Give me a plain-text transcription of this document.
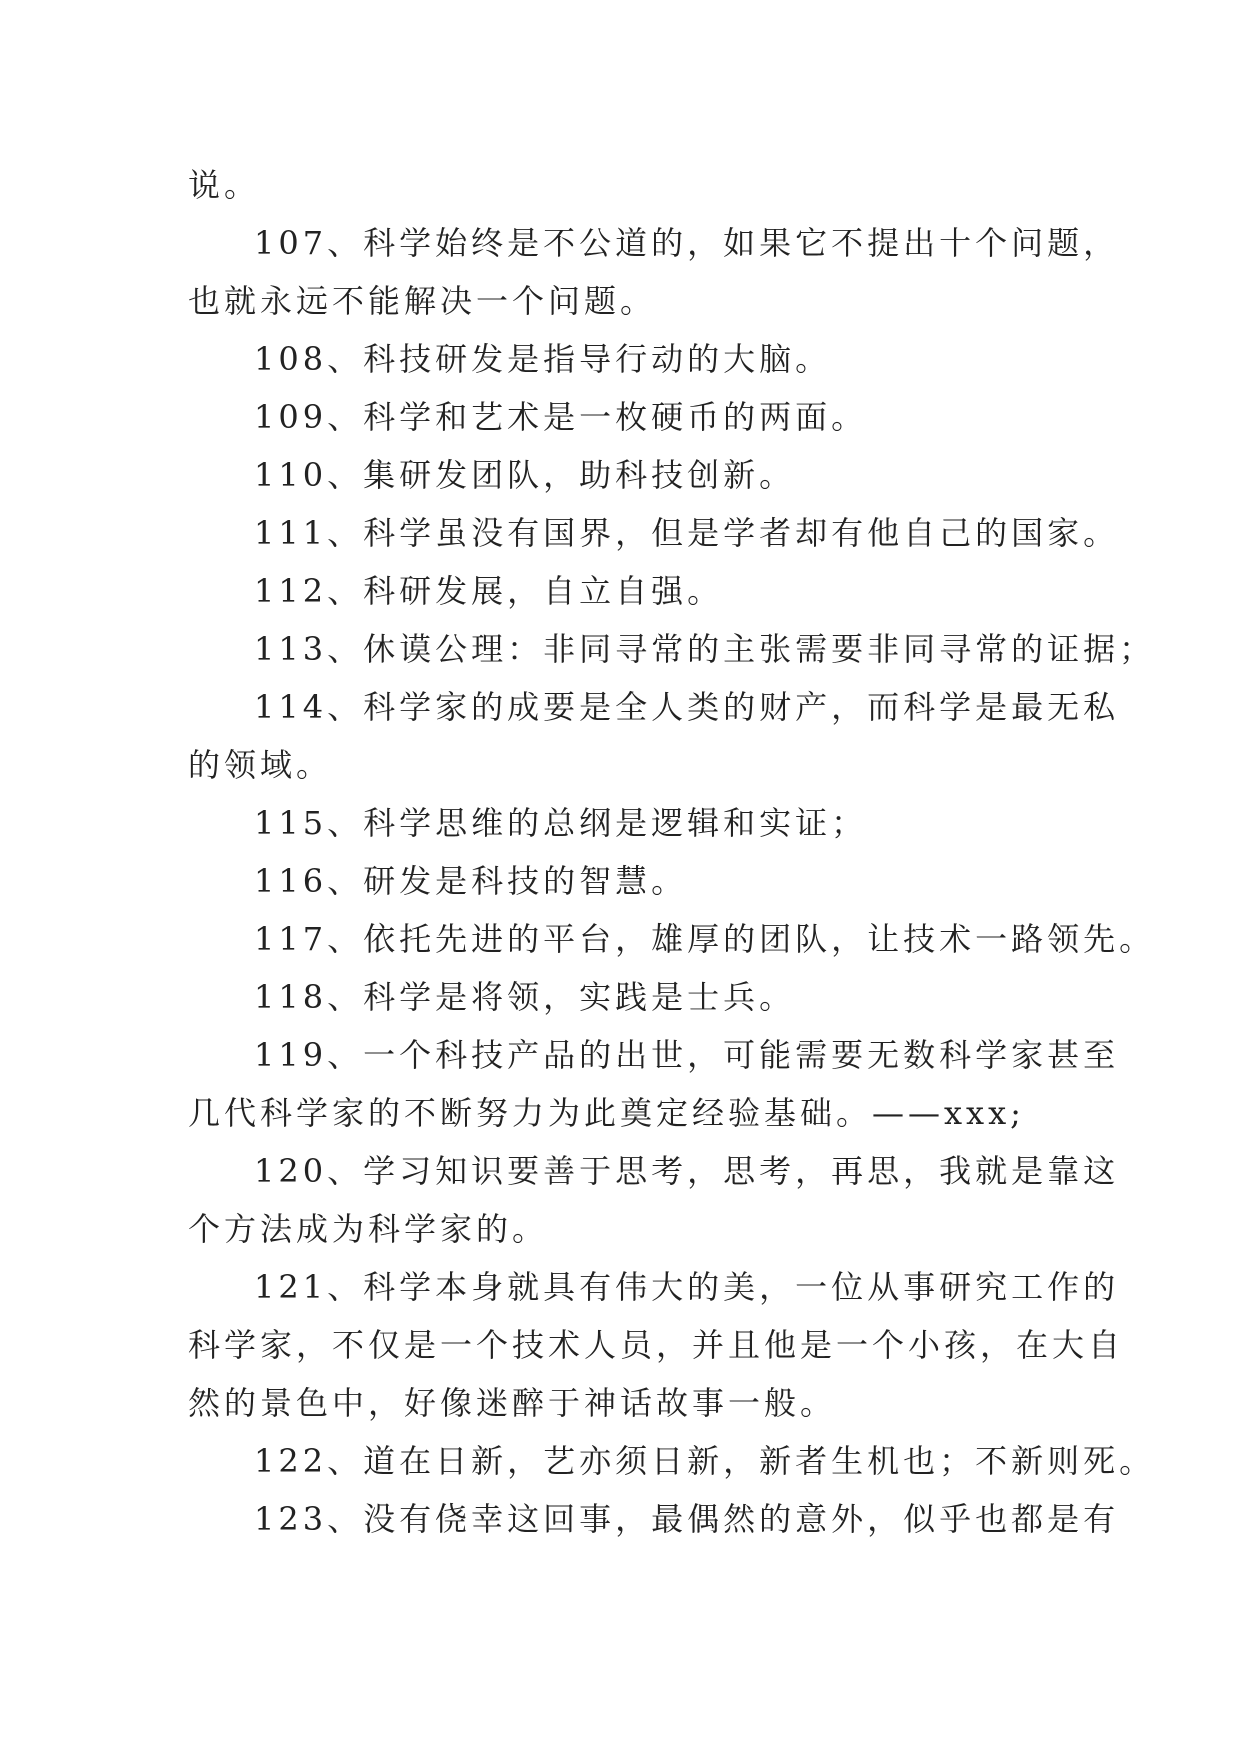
说。
107、科学始终是不公道的，如果它不提出十个问题，
也就永远不能解决一个问题。
108、科技研发是指导行动的大脑。
109、科学和艺术是一枚硬币的两面。
110、集研发团队，助科技创新。
111、科学虽没有国界，但是学者却有他自己的国家。
112、科研发展，自立自强。
113、休谟公理：非同寻常的主张需要非同寻常的证据；
114、科学家的成要是全人类的财产，而科学是最无私
的领域。
115、科学思维的总纲是逻辑和实证；
116、研发是科技的智慧。
117、依托先进的平台，雄厚的团队，让技术一路领先。
118、科学是将领，实践是士兵。
119、一个科技产品的出世，可能需要无数科学家甚至
几代科学家的不断努力为此奠定经验基础。——xxx;
120、学习知识要善于思考，思考，再思，我就是靠这
个方法成为科学家的。
121、科学本身就具有伟大的美，一位从事研究工作的
科学家，不仅是一个技术人员，并且他是一个小孩，在大自
然的景色中，好像迷醉于神话故事一般。
122、道在日新，艺亦须日新，新者生机也；不新则死。
123、没有侥幸这回事，最偶然的意外，似乎也都是有
